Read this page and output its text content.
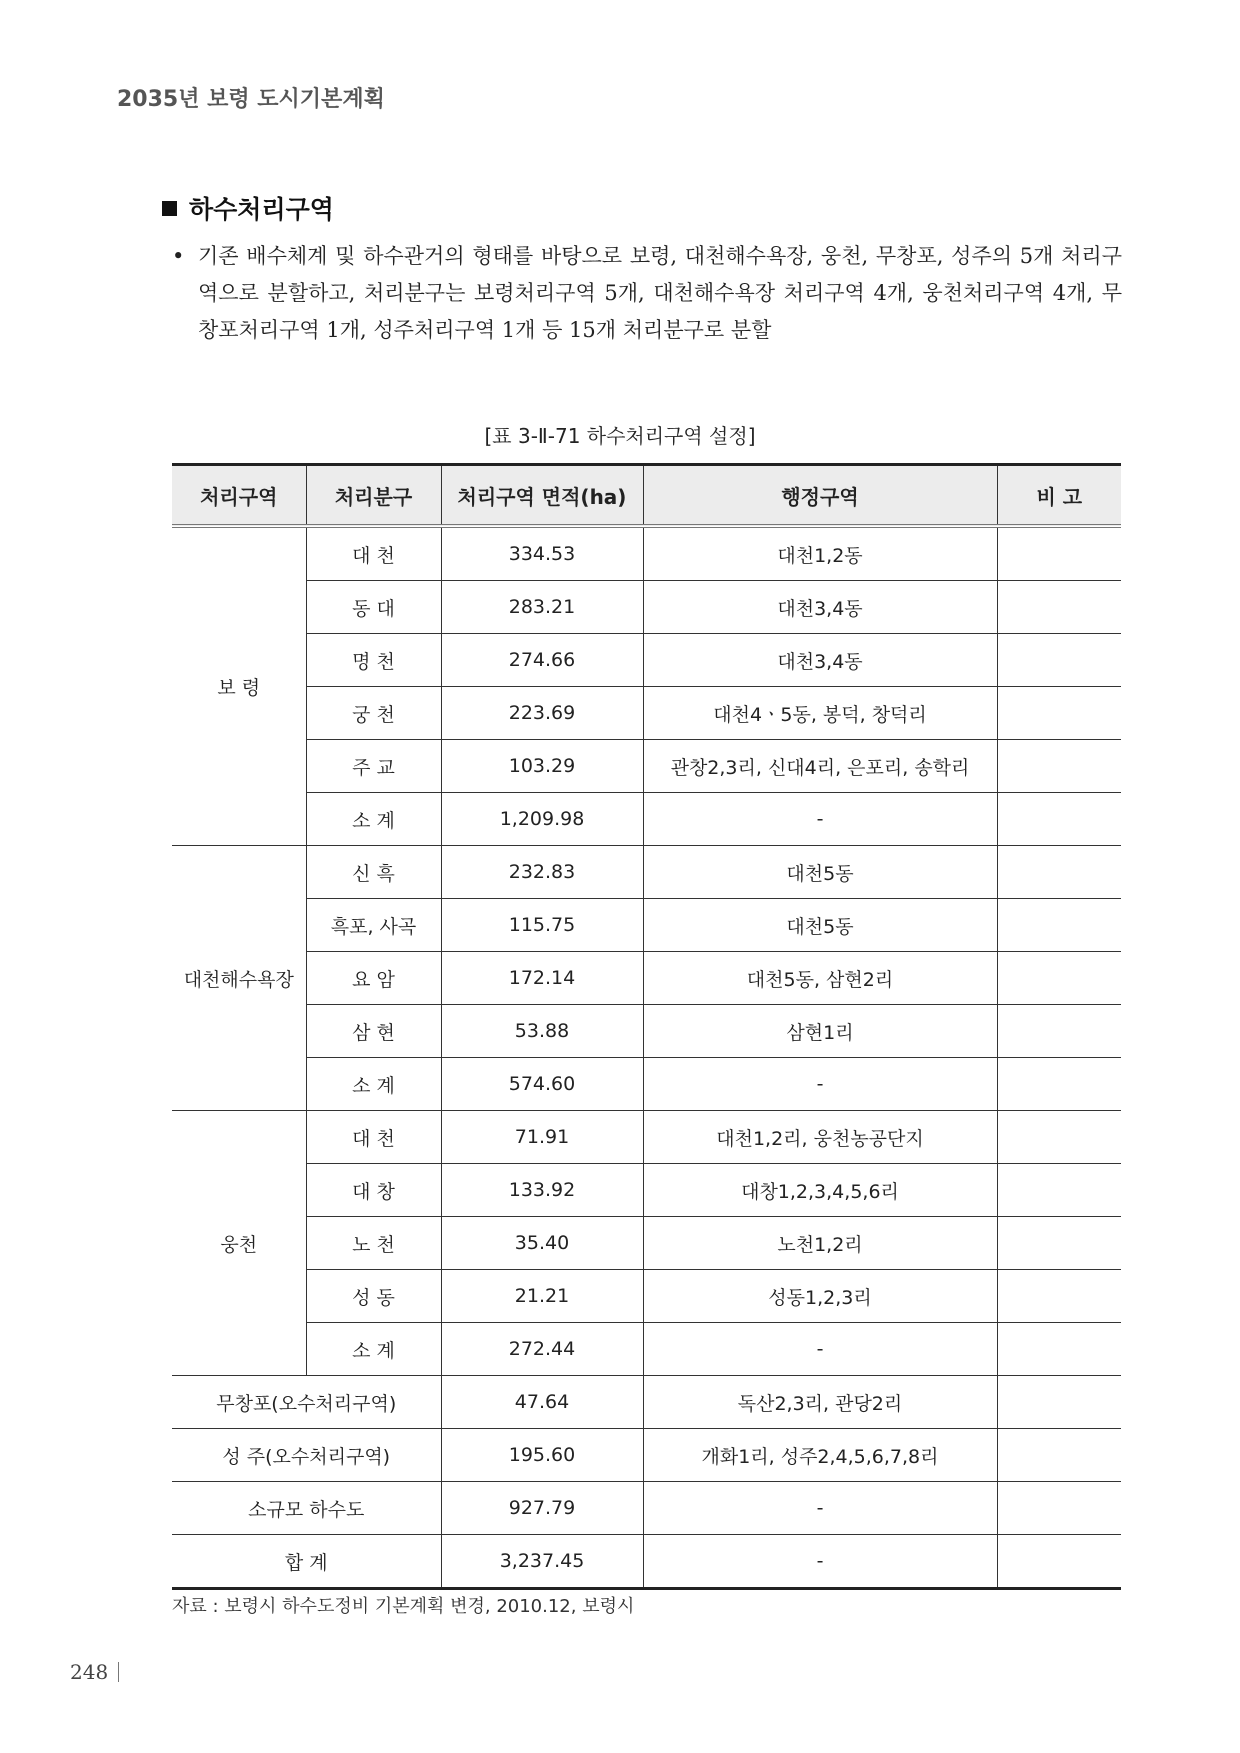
2035년 보령 도시기본계획
하수처리구역
• 기존 배수체계 및 하수관거의 형태를 바탕으로 보령, 대천해수욕장, 웅천, 무창포, 성주의 5개 처리구역으로 분할하고, 처리분구는 보령처리구역 5개, 대천해수욕장 처리구역 4개, 웅천처리구역 4개, 무창포처리구역 1개, 성주처리구역 1개 등 15개 처리분구로 분할
[표 3-Ⅱ-71 하수처리구역 설정]
처리구역	처리분구	처리구역 면적(ha)	행정구역	비 고
보 령	대 천	334.53	대천1,2동	
	동 대	283.21	대천3,4동	
	명 천	274.66	대천3,4동	
	궁 천	223.69	대천4ㆍ5동, 봉덕, 창덕리	
	주 교	103.29	관창2,3리, 신대4리, 은포리, 송학리	
	소 계	1,209.98	-	
대천해수욕장	신 흑	232.83	대천5동	
	흑포, 사곡	115.75	대천5동	
	요 암	172.14	대천5동, 삼현2리	
	삼 현	53.88	삼현1리	
	소 계	574.60	-	
웅천	대 천	71.91	대천1,2리, 웅천농공단지	
	대 창	133.92	대창1,2,3,4,5,6리	
	노 천	35.40	노천1,2리	
	성 동	21.21	성동1,2,3리	
	소 계	272.44	-	
무창포(오수처리구역)		47.64	독산2,3리, 관당2리	
성 주(오수처리구역)		195.60	개화1리, 성주2,4,5,6,7,8리	
소규모 하수도		927.79	-	
합 계		3,237.45	-	
자료 : 보령시 하수도정비 기본계획 변경, 2010.12, 보령시
248
